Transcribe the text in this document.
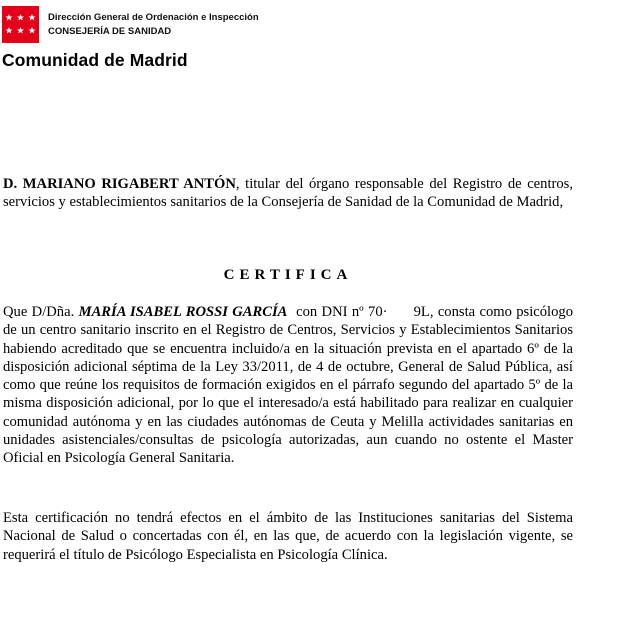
Dirección General de Ordenación e Inspección
CONSEJERÍA DE SANIDAD
Comunidad de Madrid
D. MARIANO RIGABERT ANTÓN, titular del órgano responsable del Registro de centros, servicios y establecimientos sanitarios de la Consejería de Sanidad de la Comunidad de Madrid,
CERTIFICA
Que D/Dña. MARÍA ISABEL ROSSI GARCÍA  con DNI nº 70·      9L, consta como psicólogo de un centro sanitario inscrito en el Registro de Centros, Servicios y Establecimientos Sanitarios habiendo acreditado que se encuentra incluido/a en la situación prevista en el apartado 6º de la disposición adicional séptima de la Ley 33/2011, de 4 de octubre, General de Salud Pública, así como que reúne los requisitos de formación exigidos en el párrafo segundo del apartado 5º de la misma disposición adicional, por lo que el interesado/a está habilitado para realizar en cualquier comunidad autónoma y en las ciudades autónomas de Ceuta y Melilla actividades sanitarias en unidades asistenciales/consultas de psicología autorizadas, aun cuando no ostente el Master Oficial en Psicología General Sanitaria.
Esta certificación no tendrá efectos en el ámbito de las Instituciones sanitarias del Sistema Nacional de Salud o concertadas con él, en las que, de acuerdo con la legislación vigente, se requerirá el título de Psicólogo Especialista en Psicología Clínica.
